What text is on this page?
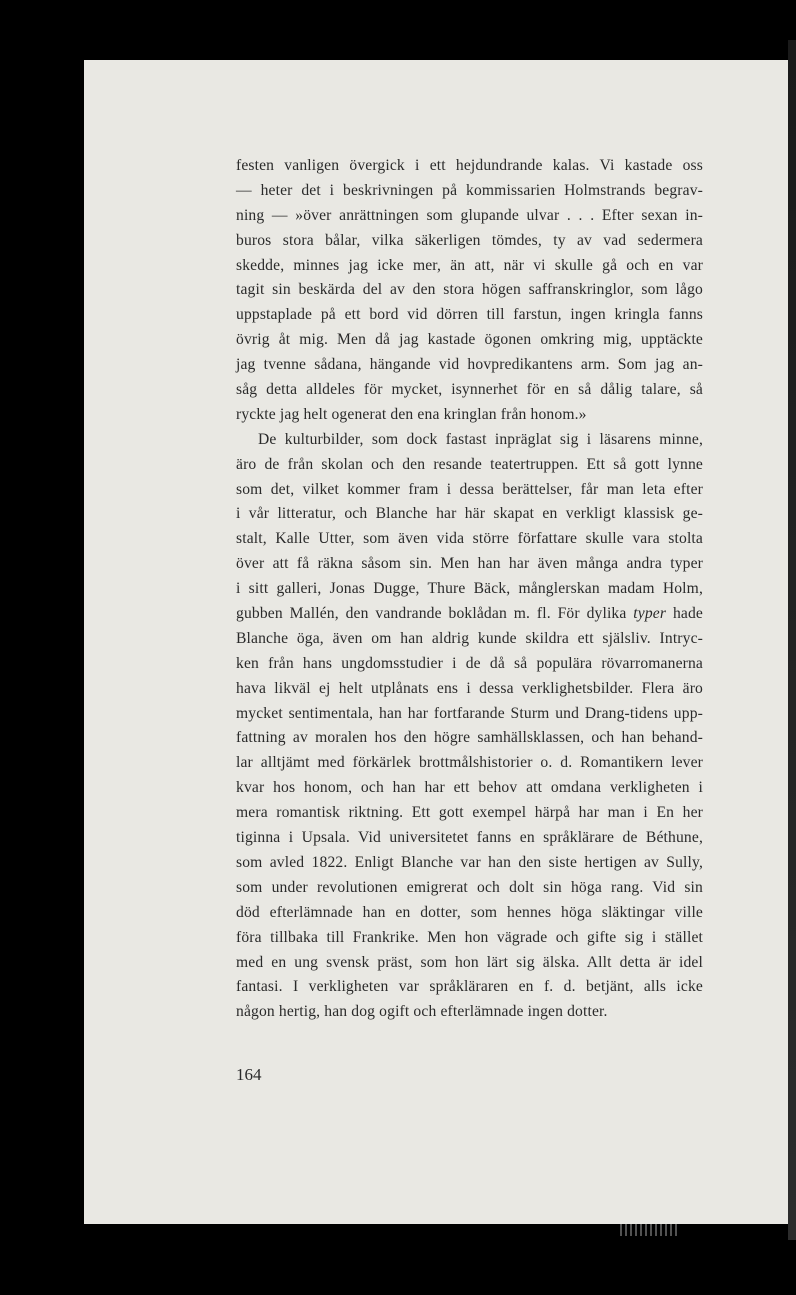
festen vanligen övergick i ett hejdundrande kalas. Vi kastade oss
— heter det i beskrivningen på kommissarien Holmstrands begrav-
ning — »över anrättningen som glupande ulvar . . . Efter sexan in-
buros stora bålar, vilka säkerligen tömdes, ty av vad sedermera
skedde, minnes jag icke mer, än att, när vi skulle gå och en var
tagit sin beskärda del av den stora högen saffranskringlor, som lågo
uppstaplade på ett bord vid dörren till farstun, ingen kringla fanns
övrig åt mig. Men då jag kastade ögonen omkring mig, upptäckte
jag tvenne sådana, hängande vid hovpredikantens arm. Som jag an-
såg detta alldeles för mycket, isynnerhet för en så dålig talare, så
ryckte jag helt ogenerat den ena kringlan från honom.»
De kulturbilder, som dock fastast inpräglat sig i läsarens minne,
äro de från skolan och den resande teatertruppen. Ett så gott lynne
som det, vilket kommer fram i dessa berättelser, får man leta efter
i vår litteratur, och Blanche har här skapat en verkligt klassisk ge-
stalt, Kalle Utter, som även vida större författare skulle vara stolta
över att få räkna såsom sin. Men han har även många andra typer
i sitt galleri, Jonas Dugge, Thure Bäck, månglerskan madam Holm,
gubben Mallén, den vandrande boklådan m. fl. För dylika typer hade
Blanche öga, även om han aldrig kunde skildra ett själsliv. Intryc-
ken från hans ungdomsstudier i de då så populära rövarromanerna
hava likväl ej helt utplånats ens i dessa verklighetsbilder. Flera äro
mycket sentimentala, han har fortfarande Sturm und Drang-tidens upp-
fattning av moralen hos den högre samhällsklassen, och han behand-
lar alltjämt med förkärlek brottmålshistorier o. d. Romantikern lever
kvar hos honom, och han har ett behov att omdana verkligheten i
mera romantisk riktning. Ett gott exempel härpå har man i En her
tiginna i Upsala. Vid universitetet fanns en språklärare de Béthune,
som avled 1822. Enligt Blanche var han den siste hertigen av Sully,
som under revolutionen emigrerat och dolt sin höga rang. Vid sin
död efterlämnade han en dotter, som hennes höga släktingar ville
föra tillbaka till Frankrike. Men hon vägrade och gifte sig i stället
med en ung svensk präst, som hon lärt sig älska. Allt detta är idel
fantasi. I verkligheten var språkläraren en f. d. betjänt, alls icke
någon hertig, han dog ogift och efterlämnade ingen dotter.
164
